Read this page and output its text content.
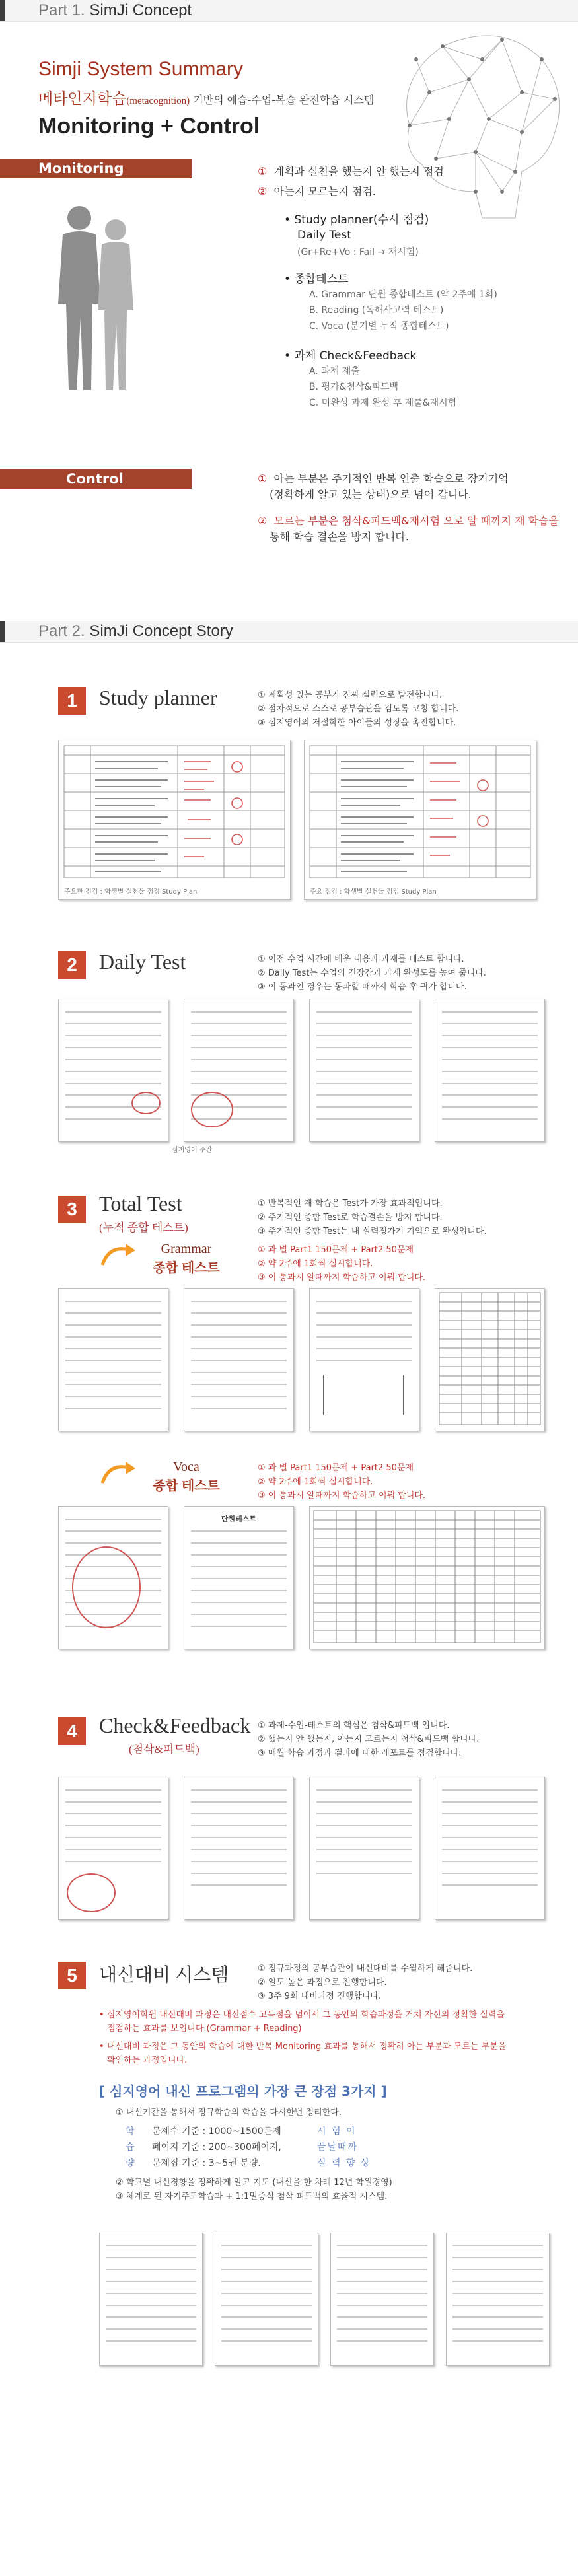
Part 1. SimJi Concept
Simji System Summary
메타인지학습(metacognition) 기반의 예습-수업-복습 완전학습 시스템
Monitoring + Control
Monitoring	① 계획과 실천을 했는지 안 했는지 점검
② 아는지 모르는지 점검.
• Study planner(수시 점검)
Daily Test
(Gr+Re+Vo : Fail → 재시험)
• 종합테스트
A. Grammar 단원 종합테스트 (약 2주에 1회)
B. Reading (독해사고력 테스트)
C. Voca (분기별 누적 종합테스트)
• 과제 Check&Feedback
A. 과제 제출
B. 평가&첨삭&피드백
C. 미완성 과제 완성 후 제출&재시험
Control	① 아는 부분은 주기적인 반복 인출 학습으로 장기기억
(정확하게 알고 있는 상태)으로 넘어 갑니다.
② 모르는 부분은 첨삭&피드백&재시험 으로 알 때까지 재 학습을
통해 학습 결손을 방지 합니다.
Part 2. SimJi Concept Story
1	Study planner	① 계획성 있는 공부가 진짜 실력으로 발전합니다.
② 점차적으로 스스로 공부습관을 검도록 코칭 합니다.
③ 심지영어의 저절학한 아이들의 성장을 촉진합니다.
주요한 점검 : 학생별 실천율 점검 Study Plan	주요 점검 : 학생별 실천율 점검 Study Plan
2	Daily Test	① 이전 수업 시간에 배운 내용과 과제를 테스트 합니다.
② Daily Test는 수업의 긴장감과 과제 완성도를 높여 줍니다.
③ 이 통과인 경우는 통과할 때까지 학습 후 귀가 합니다.
심지영어 주간
3	Total Test
(누적 종합 테스트)
① 반복적인 재 학습은 Test가 가장 효과적입니다.
② 주기적인 종합 Test로 학습결손을 방지 합니다.
③ 주기적인 종합 Test는 내 실력정가기 기억으로 완성입니다.
Grammar
종합 테스트
① 과 별 Part1 150문제 + Part2 50문제
② 약 2주에 1회씩 실시합니다.
③ 이 통과시 알때까지 학습하고 이뤄 합니다.
Voca
종합 테스트
① 과 별 Part1 150문제 + Part2 50문제
② 약 2주에 1회씩 실시합니다.
③ 이 통과시 알때까지 학습하고 이뤄 합니다.
단원테스트
4	Check&Feedback
(첨삭&피드백)
① 과제-수업-테스트의 핵심은 첨삭&피드백 입니다.
② 했는지 안 했는지, 아는지 모르는지 첨삭&피드백 합니다.
③ 매월 학습 과정과 결과에 대한 레포트를 점검합니다.
5	내신대비 시스템	① 정규과정의 공부습관이 내신대비를 수월하게 해줍니다.
② 일도 높은 과정으로 진행합니다.
③ 3주 9회 대비과정 진행합니다.
• 심지영어학원 내신대비 과정은 내신점수 고득점을 넘어서 그 동안의 학습과정을 거쳐 자신의 정확한 실력을
점검하는 효과를 보입니다.(Grammar + Reading)
• 내신대비 과정은 그 동안의 학습에 대한 반복 Monitoring 효과를 통해서 정확히 아는 부분과 모르는 부분을
확인하는 과정입니다.
[ 심지영어 내신 프로그램의 가장 큰 장점 3가지 ]
① 내신기간을 통해서 정규학습의 학습을 다시한번 정리한다.
학	문제수 기준 : 1000~1500문제	시 험 이
습	페이지 기준 : 200~300페이지,	끝날때까
량	문제집 기준 : 3~5권 분량.	실 력 향 상
② 학교별 내신경향을 정확하게 알고 지도 (내신을 한 차례 12년 학원경영)
③ 체계로 된 자기주도학습과 + 1:1밀중식 첨삭 피드백의 효율적 시스템.
